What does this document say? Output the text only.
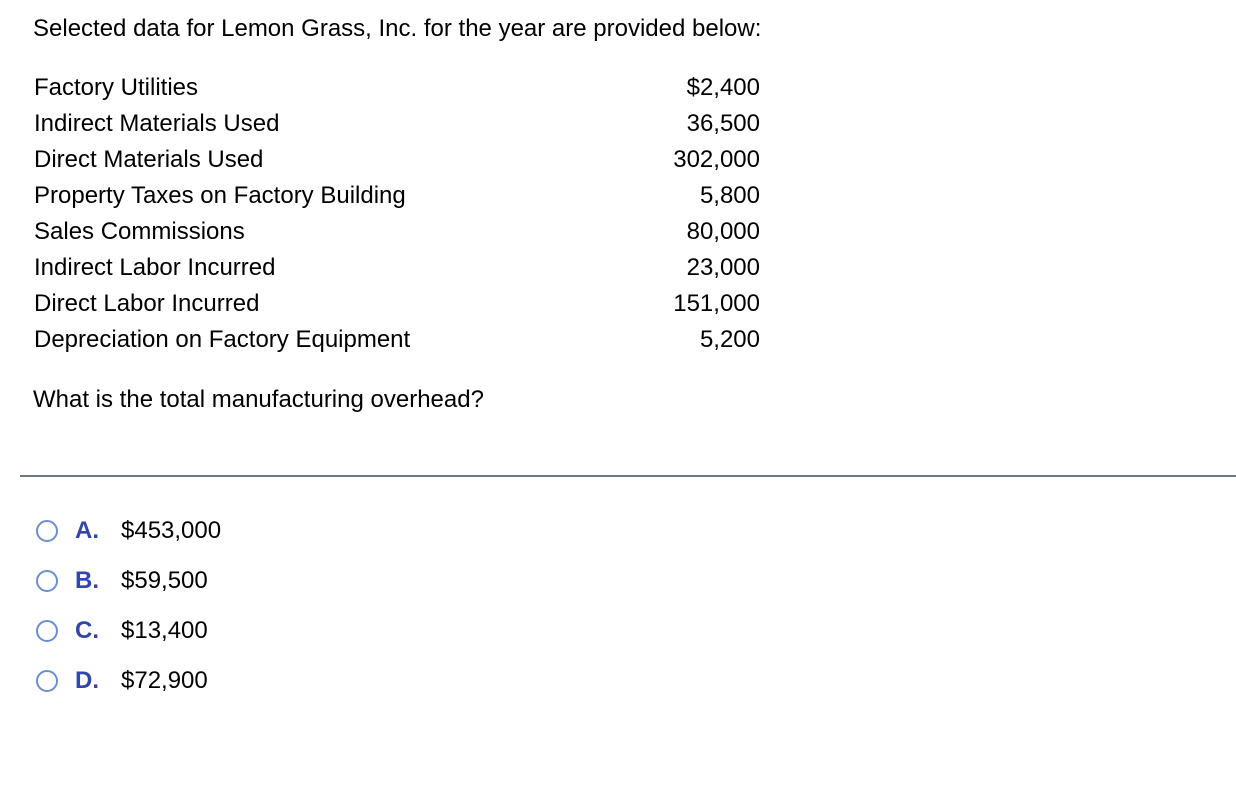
Selected data for Lemon Grass, Inc. for the year are provided below:
Factory Utilities	$2,400
Indirect Materials Used	36,500
Direct Materials Used	302,000
Property Taxes on Factory Building	5,800
Sales Commissions	80,000
Indirect Labor Incurred	23,000
Direct Labor Incurred	151,000
Depreciation on Factory Equipment	5,200
What is the total manufacturing overhead?
A. $453,000
B. $59,500
C. $13,400
D. $72,900
